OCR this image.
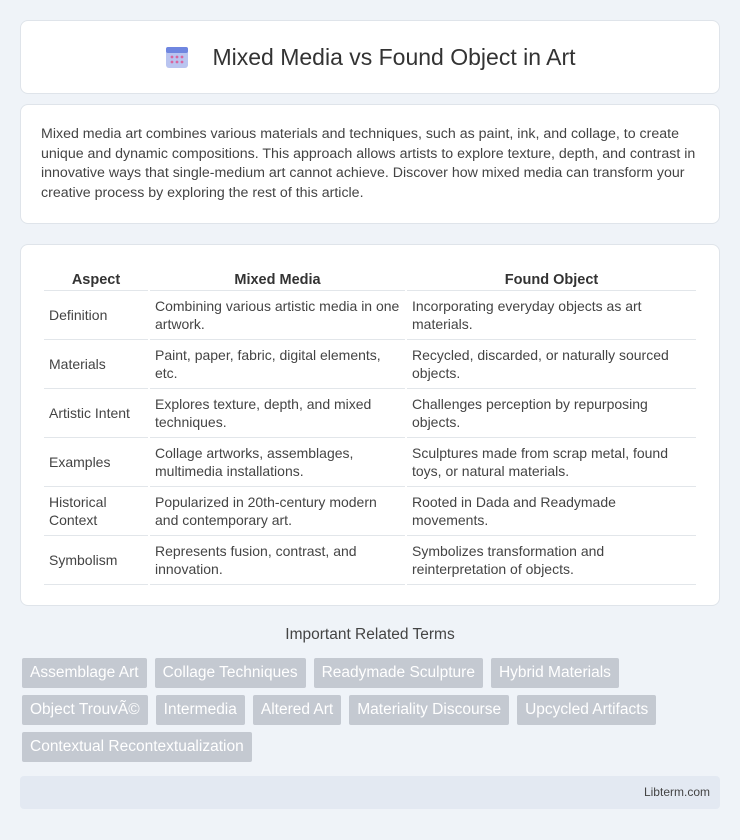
Mixed Media vs Found Object in Art

Mixed media art combines various materials and techniques, such as paint, ink, and collage, to create unique and dynamic compositions. This approach allows artists to explore texture, depth, and contrast in innovative ways that single-medium art cannot achieve. Discover how mixed media can transform your creative process by exploring the rest of this article.

Aspect	Mixed Media	Found Object
Definition	Combining various artistic media in one artwork.	Incorporating everyday objects as art materials.
Materials	Paint, paper, fabric, digital elements, etc.	Recycled, discarded, or naturally sourced objects.
Artistic Intent	Explores texture, depth, and mixed techniques.	Challenges perception by repurposing objects.
Examples	Collage artworks, assemblages, multimedia installations.	Sculptures made from scrap metal, found toys, or natural materials.
Historical Context	Popularized in 20th-century modern and contemporary art.	Rooted in Dada and Readymade movements.
Symbolism	Represents fusion, contrast, and innovation.	Symbolizes transformation and reinterpretation of objects.
Important Related Terms
Assemblage Art	Collage Techniques	Readymade Sculpture	Hybrid Materials
Object TrouvÃ©	Intermedia	Altered Art	Materiality Discourse	Upcycled Artifacts
Contextual Recontextualization
Libterm.com
